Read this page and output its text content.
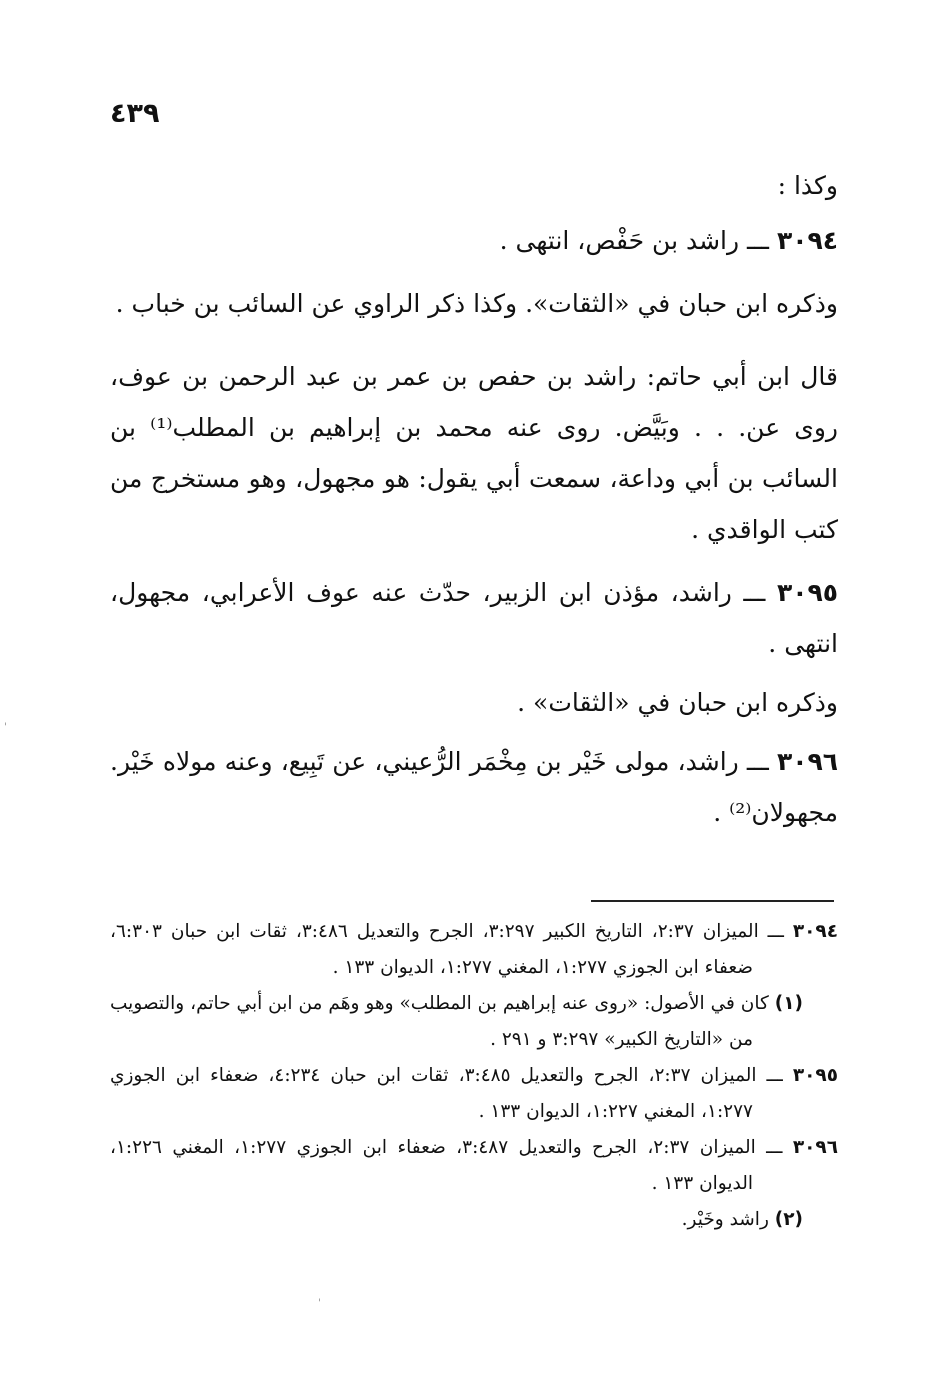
٤٣٩

وكذا :

٣٠٩٤ ـــ راشد بن حَفْص، انتهى .

وذكره ابن حبان في «الثقات». وكذا ذكر الراوي عن السائب بن خباب .

قال ابن أبي حاتم: راشد بن حفص بن عمر بن عبد الرحمن بن عوف، روى عن. . . وبَيَّض. روى عنه محمد بن إبراهيم بن المطلب⁽¹⁾ بن السائب بن أبي وداعة، سمعت أبي يقول: هو مجهول، وهو مستخرج من كتب الواقدي .

٣٠٩٥ ـــ راشد، مؤذن ابن الزبير، حدّث عنه عوف الأعرابي، مجهول، انتهى .

وذكره ابن حبان في «الثقات» .

٣٠٩٦ ـــ راشد، مولى خَيْر بن مِخْمَر الرُّعيني، عن تَبِيع، وعنه مولاه خَيْر. مجهولان⁽²⁾ .

٣٠٩٤ ـــ الميزان ٢:٣٧، التاريخ الكبير ٣:٢٩٧، الجرح والتعديل ٣:٤٨٦، ثقات ابن حبان ٦:٣٠٣، ضعفاء ابن الجوزي ١:٢٧٧، المغني ١:٢٧٧، الديوان ١٣٣ .

(١) كان في الأصول: «روى عنه إبراهيم بن المطلب» وهو وهَم من ابن أبي حاتم، والتصويب من «التاريخ الكبير» ٣:٢٩٧ و ٢٩١ .

٣٠٩٥ ـــ الميزان ٢:٣٧، الجرح والتعديل ٣:٤٨٥، ثقات ابن حبان ٤:٢٣٤، ضعفاء ابن الجوزي ١:٢٧٧، المغني ١:٢٢٧، الديوان ١٣٣ .

٣٠٩٦ ـــ الميزان ٢:٣٧، الجرح والتعديل ٣:٤٨٧، ضعفاء ابن الجوزي ١:٢٧٧، المغني ١:٢٢٦، الديوان ١٣٣ .

(٢) راشد وخَيْر.

'
'
